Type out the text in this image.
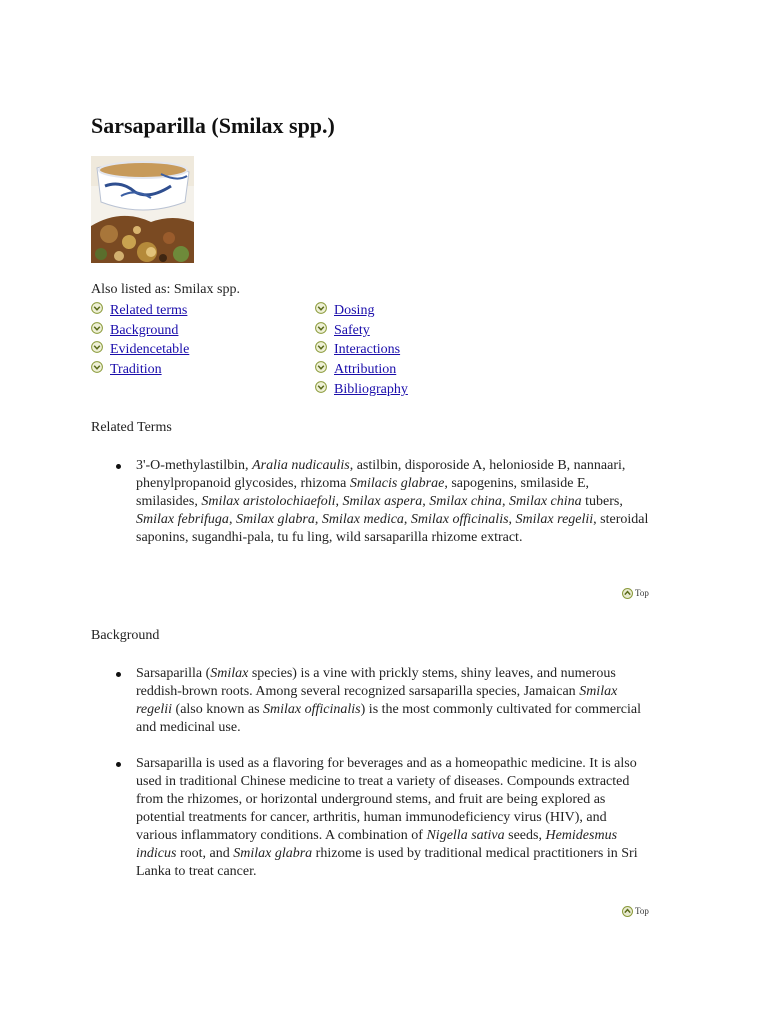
Sarsaparilla (Smilax spp.)
Also listed as: Smilax spp.
Related terms
Background
Evidencetable
Tradition
Dosing
Safety
Interactions
Attribution
Bibliography
Related Terms
3'-O-methylastilbin, Aralia nudicaulis, astilbin, disporoside A, helonioside B, nannaari, phenylpropanoid glycosides, rhizoma Smilacis glabrae, sapogenins, smilaside E, smilasides, Smilax aristolochiaefoli, Smilax aspera, Smilax china, Smilax china tubers, Smilax febrifuga, Smilax glabra, Smilax medica, Smilax officinalis, Smilax regelii, steroidal saponins, sugandhi-pala, tu fu ling, wild sarsaparilla rhizome extract.
Top
Background
Sarsaparilla (Smilax species) is a vine with prickly stems, shiny leaves, and numerous reddish-brown roots. Among several recognized sarsaparilla species, Jamaican Smilax regelii (also known as Smilax officinalis) is the most commonly cultivated for commercial and medicinal use.
Sarsaparilla is used as a flavoring for beverages and as a homeopathic medicine. It is also used in traditional Chinese medicine to treat a variety of diseases. Compounds extracted from the rhizomes, or horizontal underground stems, and fruit are being explored as potential treatments for cancer, arthritis, human immunodeficiency virus (HIV), and various inflammatory conditions. A combination of Nigella sativa seeds, Hemidesmus indicus root, and Smilax glabra rhizome is used by traditional medical practitioners in Sri Lanka to treat cancer.
Top
